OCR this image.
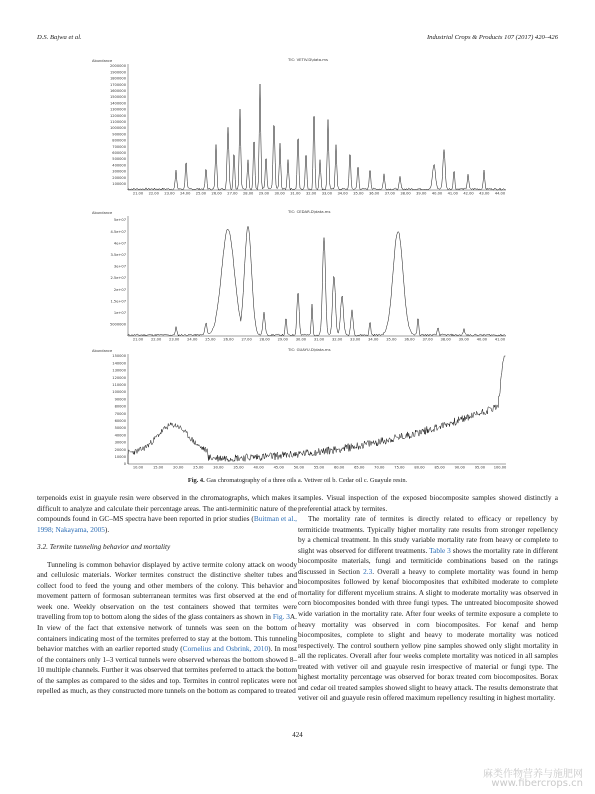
D.S. Bajwa et al.	Industrial Crops & Products 107 (2017) 420–426
Abundance	TIC: VETIV.D\data.ms
2000000
1900000
1800000
1700000
1600000
1500000
1400000
1300000
1200000
1100000
1000000
900000
800000
700000
600000
500000
400000
300000
200000
100000
21.00 22.00 23.00 24.00 25.00 26.00 27.00 28.00 29.00 30.00 31.00 32.00 33.00 34.00 35.00 36.00 37.00 38.00 39.00 40.00 41.00 42.00 43.00 44.00
Abundance	TIC: CEDAR.D\data.ms
5e+07
4.5e+07
4e+07
3.5e+07
3e+07
2.5e+07
2e+07
1.5e+07
1e+07
5000000
21.00 22.00 23.00 24.00 25.00 26.00 27.00 28.00 29.00 30.00 31.00 32.00 33.00 34.00 35.00 36.00 37.00 38.00 39.00 40.00 41.00
Abundance	TIC: GUAYU.D\data.ms
150000
140000
130000
120000
110000
100000
90000
80000
70000
60000
50000
40000
30000
20000
10000
0
10.00	15.00	20.00	25.00	30.00	35.00	40.00	45.00	50.00	55.00	60.00	65.00	70.00	75.00	80.00	85.00	90.00	95.00 100.00
Fig. 4. Gas chromatography of a three oils a. Vetiver oil b. Cedar oil c. Guayule resin.

terpenoids exist in guayule resin were observed in the chromatographs, which makes it difficult to analyze and calculate their percentage areas. The anti-terminitic nature of the compounds found in GC–MS spectra have been reported in prior studies (Buitman et al., 1998; Nakayama, 2005).

3.2. Termite tunneling behavior and mortality

Tunneling is common behavior displayed by active termite colony attack on woody and cellulosic materials. Worker termites construct the distinctive shelter tubes and collect food to feed the young and other members of the colony. This behavior and movement pattern of formosan subterranean termites was first observed at the end of week one. Weekly observation on the test containers showed that termites were travelling from top to bottom along the sides of the glass containers as shown in Fig. 3A. In view of the fact that extensive network of tunnels was seen on the bottom of containers indicating most of the termites preferred to stay at the bottom. This tunneling behavior matches with an earlier reported study (Cornelius and Osbrink, 2010). In most of the containers only 1–3 vertical tunnels were observed whereas the bottom showed 8–10 multiple channels. Further it was observed that termites preferred to attack the bottom of the samples as compared to the sides and top. Termites in control replicates were not repelled as much, as they constructed more tunnels on the bottom as compared to treated

samples. Visual inspection of the exposed biocomposite samples showed distinctly a preferential attack by termites.

The mortality rate of termites is directly related to efficacy or repellency by termiticide treatments. Typically higher mortality rate results from stronger repellency by a chemical treatment. In this study variable mortality rate from heavy or complete to slight was observed for different treatments. Table 3 shows the mortality rate in different biocomposite materials, fungi and termiticide combinations based on the ratings discussed in Section 2.3. Overall a heavy to complete mortality was found in hemp biocomposites followed by kenaf biocomposites that exhibited moderate to complete mortality for different mycelium strains. A slight to moderate mortality was observed in corn biocomposites bonded with three fungi types. The untreated biocomposite showed wide variation in the mortality rate. After four weeks of termite exposure a complete to heavy mortality was observed in corn biocomposites. For kenaf and hemp biocomposites, complete to slight and heavy to moderate mortality was noticed respectively. The control southern yellow pine samples showed only slight mortality in all the replicates. Overall after four weeks complete mortality was noticed in all samples treated with vetiver oil and guayule resin irrespective of material or fungi type. The highest mortality percentage was observed for borax treated corn biocomposites. Borax and cedar oil treated samples showed slight to heavy attack. The results demonstrate that vetiver oil and guayule resin offered maximum repellency resulting in highest mortality.

424
麻类作物营养与施肥网
www.fibercrops.cn
